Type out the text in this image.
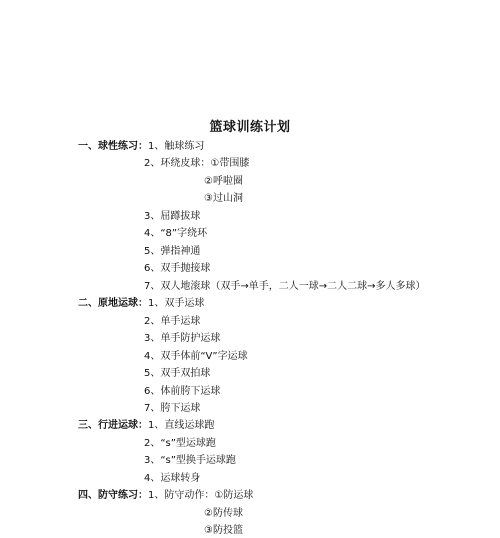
篮球训练计划
一、球性练习：1、触球练习
2、环绕皮球：①带围膝
②呼啦圈
③过山洞
3、屈蹲拔球
4、“8”字绕环
5、弹指神通
6、双手抛接球
7、双人地滚球（双手→单手，二人一球→二人二球→多人多球）
二、原地运球：1、双手运球
2、单手运球
3、单手防护运球
4、双手体前“V”字运球
5、双手双拍球
6、体前胯下运球
7、胯下运球
三、行进运球：1、直线运球跑
2、“s”型运球跑
3、“s”型换手运球跑
4、运球转身
四、防守练习：1、防守动作：①防运球
②防传球
③防投篮
